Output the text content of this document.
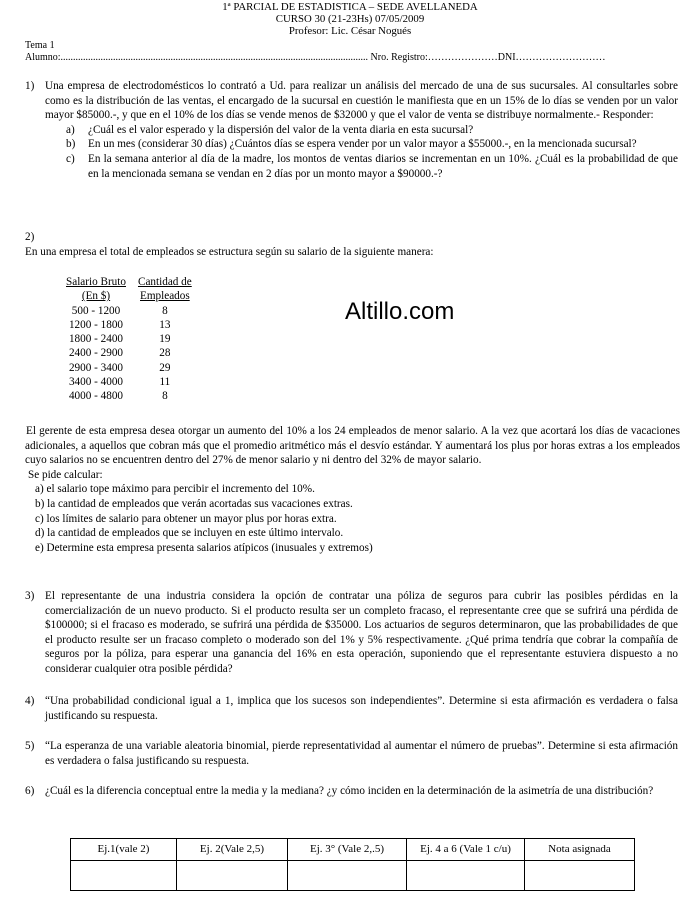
1ª PARCIAL DE ESTADISTICA – SEDE AVELLANEDA
CURSO 30 (21-23Hs) 07/05/2009
Profesor: Lic. César Nogués
Tema 1
Alumno:........................................................................................................................... Nro. Registro:…………………DNI………………………
1) Una empresa de electrodomésticos lo contrató a Ud. para realizar un análisis del mercado de una de sus sucursales. Al consultarles sobre como es la distribución de las ventas, el encargado de la sucursal en cuestión le manifiesta que en un 15% de lo días se venden por un valor mayor $85000.-, y que en el 10% de los días se vende menos de $32000 y que el valor de venta se distribuye normalmente.- Responder:
a) ¿Cuál es el valor esperado y la dispersión del valor de la venta diaria en esta sucursal?
b) En un mes (considerar 30 días) ¿Cuántos días se espera vender por un valor mayor a $55000.-, en la mencionada sucursal?
c) En la semana anterior al día de la madre, los montos de ventas diarios se incrementan en un 10%. ¿Cuál es la probabilidad de que en la mencionada semana se vendan en 2 días por un monto mayor a $90000.-?
2)
En una empresa el total de empleados se estructura según su salario de la siguiente manera:
Salario Bruto	Cantidad de
(En $)	Empleados
500 - 1200	8
1200 - 1800	13
1800 - 2400	19
2400 - 2900	28
2900 - 3400	29
3400 - 4000	11
4000 - 4800	8
Altillo.com
El gerente de esta empresa desea otorgar un aumento del 10% a los 24 empleados de menor salario. A la vez que acortará los días de vacaciones adicionales, a aquellos que cobran más que el promedio aritmético más el desvío estándar. Y aumentará los plus por horas extras a los empleados cuyo salarios no se encuentren dentro del 27% de menor salario y ni dentro del 32% de mayor salario.
Se pide calcular:
a) el salario tope máximo para percibir el incremento del 10%.
b) la cantidad de empleados que verán acortadas sus vacaciones extras.
c) los límites de salario para obtener un mayor plus por horas extra.
d) la cantidad de empleados que se incluyen en este último intervalo.
e) Determine esta empresa presenta salarios atípicos (inusuales y extremos)
3) El representante de una industria considera la opción de contratar una póliza de seguros para cubrir las posibles pérdidas en la comercialización de un nuevo producto. Si el producto resulta ser un completo fracaso, el representante cree que se sufrirá una pérdida de $100000; si el fracaso es moderado, se sufrirá una pérdida de $35000. Los actuarios de seguros determinaron, que las probabilidades de que el producto resulte ser un fracaso completo o moderado son del 1% y 5% respectivamente. ¿Qué prima tendría que cobrar la compañía de seguros por la póliza, para esperar una ganancia del 16% en esta operación, suponiendo que el representante estuviera dispuesto a no considerar cualquier otra posible pérdida?
4) “Una probabilidad condicional igual a 1, implica que los sucesos son independientes”. Determine si esta afirmación es verdadera o falsa justificando su respuesta.
5) “La esperanza de una variable aleatoria binomial, pierde representatividad al aumentar el número de pruebas”. Determine si esta afirmación es verdadera o falsa justificando su respuesta.
6) ¿Cuál es la diferencia conceptual entre la media y la mediana? ¿y cómo inciden en la determinación de la asimetría de una distribución?
Ej.1(vale 2)	Ej. 2(Vale 2,5)	Ej. 3° (Vale 2,.5)	Ej. 4 a 6 (Vale 1 c/u)	Nota asignada
